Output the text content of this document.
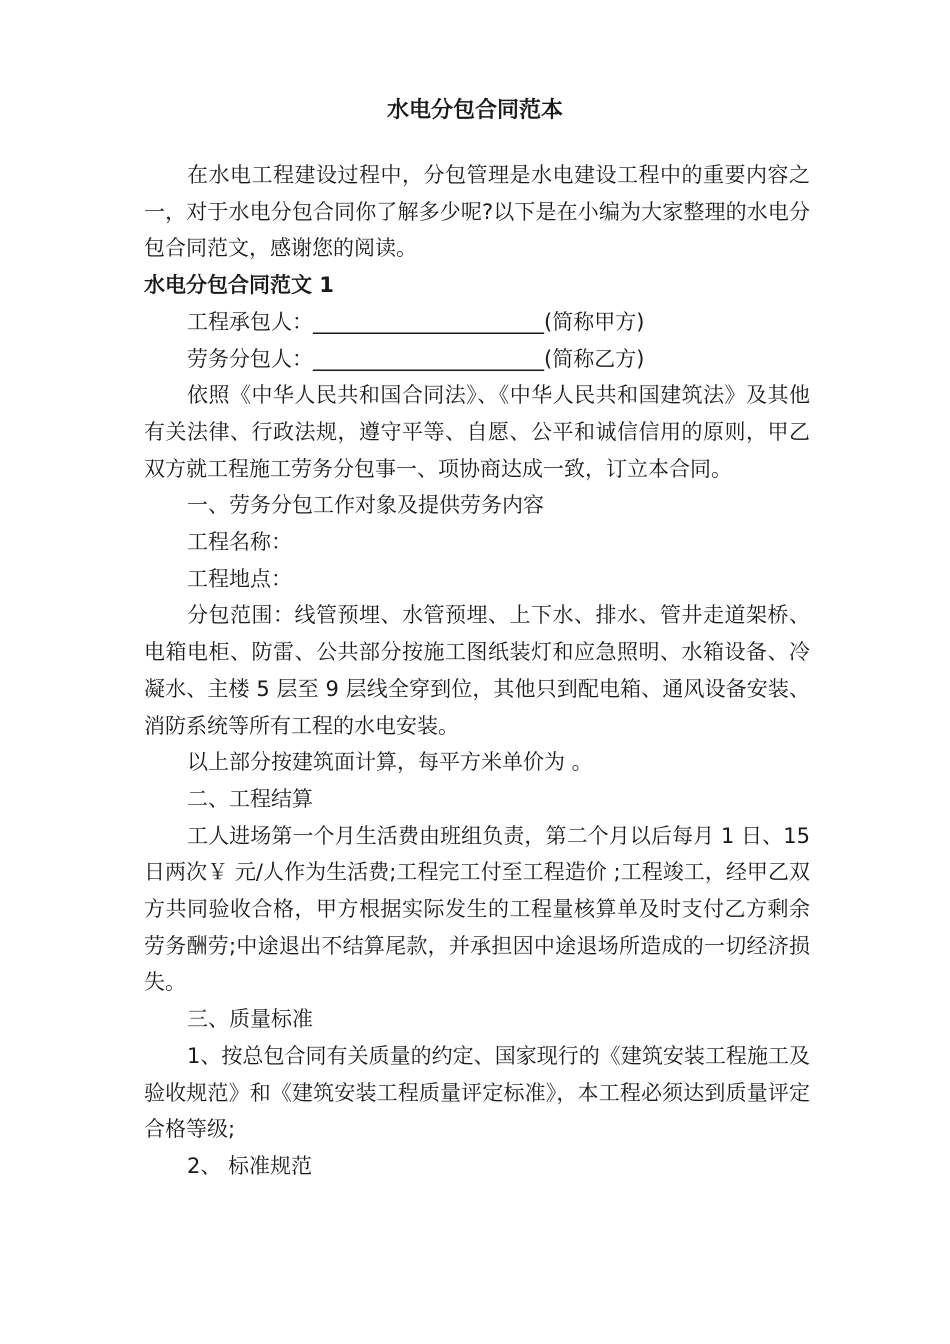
水电分包合同范本

在水电工程建设过程中，分包管理是水电建设工程中的重要内容之一，对于水电分包合同你了解多少呢?以下是在小编为大家整理的水电分包合同范文，感谢您的阅读。

水电分包合同范文 1

工程承包人：______________________(简称甲方)

劳务分包人：______________________(简称乙方)

依照《中华人民共和国合同法》、《中华人民共和国建筑法》及其他有关法律、行政法规，遵守平等、自愿、公平和诚信信用的原则，甲乙双方就工程施工劳务分包事一、项协商达成一致，订立本合同。

一、劳务分包工作对象及提供劳务内容

工程名称：

工程地点：

分包范围：线管预埋、水管预埋、上下水、排水、管井走道架桥、电箱电柜、防雷、公共部分按施工图纸装灯和应急照明、水箱设备、冷凝水、主楼 5 层至 9 层线全穿到位，其他只到配电箱、通风设备安装、消防系统等所有工程的水电安装。

以上部分按建筑面计算，每平方米单价为 。

二、工程结算

工人进场第一个月生活费由班组负责，第二个月以后每月 1 日、15 日两次￥ 元/人作为生活费;工程完工付至工程造价 ;工程竣工，经甲乙双方共同验收合格，甲方根据实际发生的工程量核算单及时支付乙方剩余劳务酬劳;中途退出不结算尾款，并承担因中途退场所造成的一切经济损失。

三、质量标准

1、按总包合同有关质量的约定、国家现行的《建筑安装工程施工及验收规范》和《建筑安装工程质量评定标准》，本工程必须达到质量评定合格等级;

2、 标准规范
